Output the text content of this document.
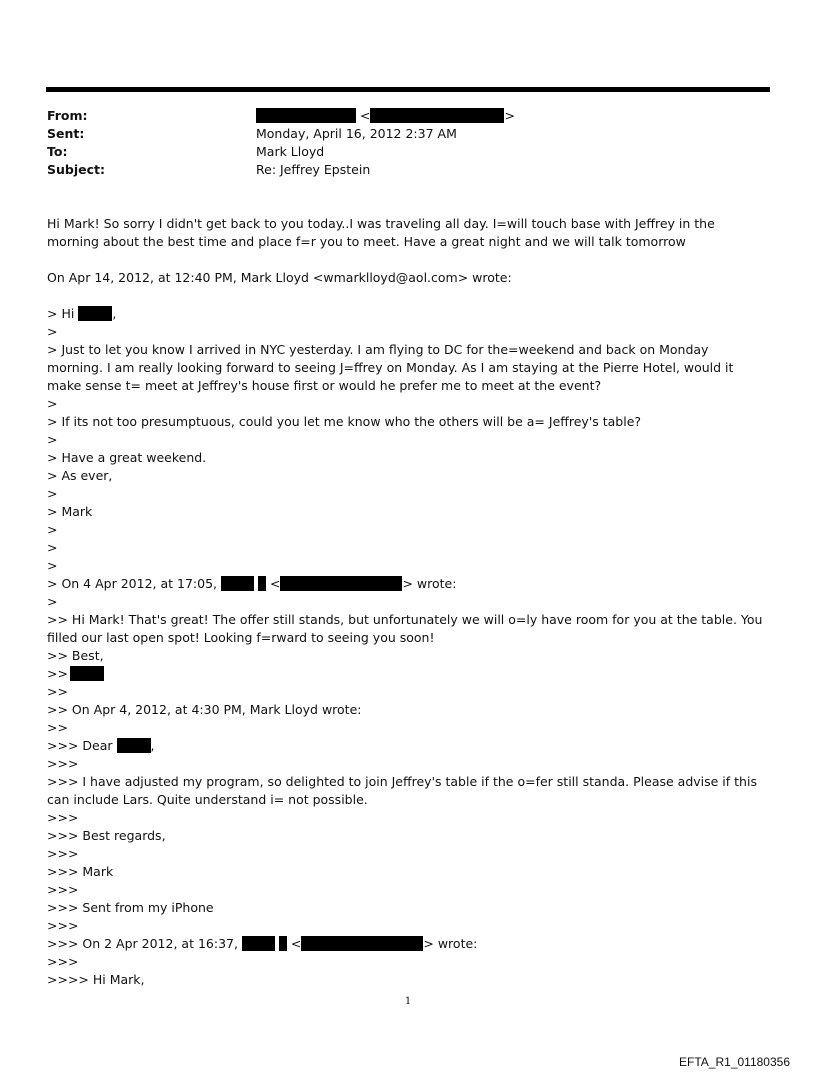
From:	<	>
Sent:	Monday, April 16, 2012 2:37 AM
To:	Mark Lloyd
Subject:	Re: Jeffrey Epstein
Hi Mark! So sorry I didn't get back to you today..I was traveling all day. I=will touch base with Jeffrey in the morning about the best time and place f=r you to meet. Have a great night and we will talk tomorrow
On Apr 14, 2012, at 12:40 PM, Mark Lloyd <wmarklloyd@aol.com> wrote:
> Hi	,
>
> Just to let you know I arrived in NYC yesterday. I am flying to DC for the=weekend and back on Monday morning. I am really looking forward to seeing J=ffrey on Monday. As I am staying at the Pierre Hotel, would it make sense t= meet at Jeffrey's house first or would he prefer me to meet at the event?
>
> If its not too presumptuous, could you let me know who the others will be a= Jeffrey's table?
>
> Have a great weekend.
> As ever,
>
> Mark
>
>
>
> On 4 Apr 2012, at 17:05,	<	> wrote:
>
>> Hi Mark! That's great! The offer still stands, but unfortunately we will o=ly have room for you at the table. You filled our last open spot! Looking f=rward to seeing you soon!
>> Best,
>>
>>
>> On Apr 4, 2012, at 4:30 PM, Mark Lloyd wrote:
>>
>>> Dear	,
>>>
>>> I have adjusted my program, so delighted to join Jeffrey's table if the o=fer still standa. Please advise if this can include Lars. Quite understand i= not possible.
>>>
>>> Best regards,
>>>
>>> Mark
>>>
>>> Sent from my iPhone
>>>
>>> On 2 Apr 2012, at 16:37,	<	> wrote:
>>>
>>>> Hi Mark,
1
EFTA_R1_01180356
